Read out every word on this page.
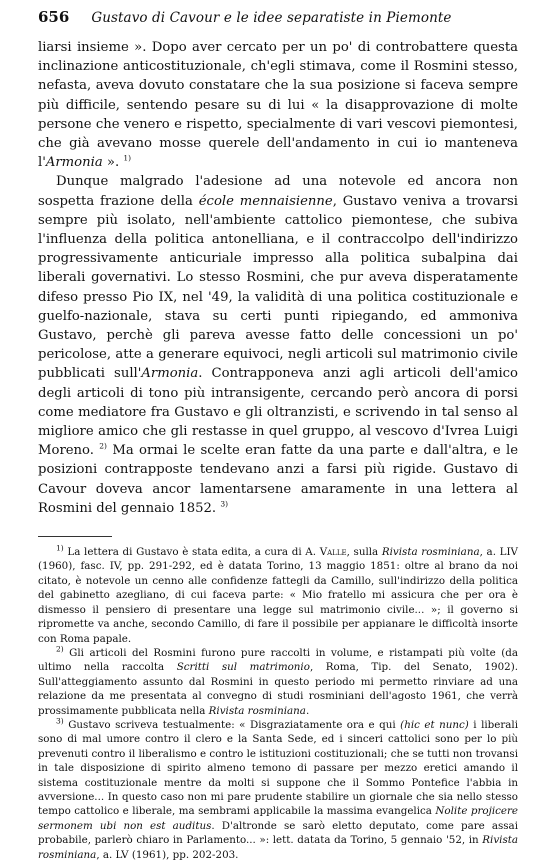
656 Gustavo di Cavour e le idee separatiste in Piemonte

liarsi insieme ». Dopo aver cercato per un po' di controbattere questa inclinazione anticostituzionale, ch'egli stimava, come il Rosmini stesso, nefasta, aveva dovuto constatare che la sua posizione si faceva sempre più difficile, sentendo pesare su di lui « la disapprovazione di molte persone che venero e rispetto, specialmente di vari vescovi piemontesi, che già avevano mosse querele dell'andamento in cui io manteneva l'Armonia ». $^{1)}$

Dunque malgrado l'adesione ad una notevole ed ancora non sospetta frazione della école mennaisienne, Gustavo veniva a trovarsi sempre più isolato, nell'ambiente cattolico piemontese, che subiva l'influenza della politica antonelliana, e il contraccolpo dell'indirizzo progressivamente anticuriale impresso alla politica subalpina dai liberali governativi. Lo stesso Rosmini, che pur aveva disperatamente difeso presso Pio IX, nel '49, la validità di una politica costituzionale e guelfo-nazionale, stava su certi punti ripiegando, ed ammoniva Gustavo, perchè gli pareva avesse fatto delle concessioni un po' pericolose, atte a generare equivoci, negli articoli sul matrimonio civile pubblicati sull'Armonia. Contrapponeva anzi agli articoli dell'amico degli articoli di tono più intransigente, cercando però ancora di porsi come mediatore fra Gustavo e gli oltranzisti, e scrivendo in tal senso al migliore amico che gli restasse in quel gruppo, al vescovo d'Ivrea Luigi Moreno. $^{2)}$ Ma ormai le scelte eran fatte da una parte e dall'altra, e le posizioni contrapposte tendevano anzi a farsi più rigide. Gustavo di Cavour doveva ancor lamentarsene amaramente in una lettera al Rosmini del gennaio 1852. $^{3)}$

$^{1)}$ La lettera di Gustavo è stata edita, a cura di A. Valle, sulla Rivista rosminiana, a. LIV (1960), fasc. IV, pp. 291-292, ed è datata Torino, 13 maggio 1851: oltre al brano da noi citato, è notevole un cenno alle confidenze fattegli da Camillo, sull'indirizzo della politica del gabinetto azegliano, di cui faceva parte: « Mio fratello mi assicura che per ora è dismesso il pensiero di presentare una legge sul matrimonio civile... »; il governo si ripromette va anche, secondo Camillo, di fare il possibile per appianare le difficoltà insorte con Roma papale.

$^{2)}$ Gli articoli del Rosmini furono pure raccolti in volume, e ristampati più volte (da ultimo nella raccolta Scritti sul matrimonio, Roma, Tip. del Senato, 1902). Sull'atteggiamento assunto dal Rosmini in questo periodo mi permetto rinviare ad una relazione da me presentata al convegno di studi rosminiani dell'agosto 1961, che verrà prossimamente pubblicata nella Rivista rosminiana.

$^{3)}$ Gustavo scriveva testualmente: « Disgraziatamente ora e qui (hic et nunc) i liberali sono di mal umore contro il clero e la Santa Sede, ed i sinceri cattolici sono per lo più prevenuti contro il liberalismo e contro le istituzioni costituzionali; che se tutti non trovansi in tale disposizione di spirito almeno temono di passare per mezzo eretici amando il sistema costituzionale mentre da molti si suppone che il Sommo Pontefice l'abbia in avversione... In questo caso non mi pare prudente stabilire un giornale che sia nello stesso tempo cattolico e liberale, ma sembrami applicabile la massima evangelica Nolite projicere sermonem ubi non est auditus. D'altronde se sarò eletto deputato, come pare assai probabile, parlerò chiaro in Parlamento... »: lett. datata da Torino, 5 gennaio '52, in Rivista rosminiana, a. LV (1961), pp. 202-203.
